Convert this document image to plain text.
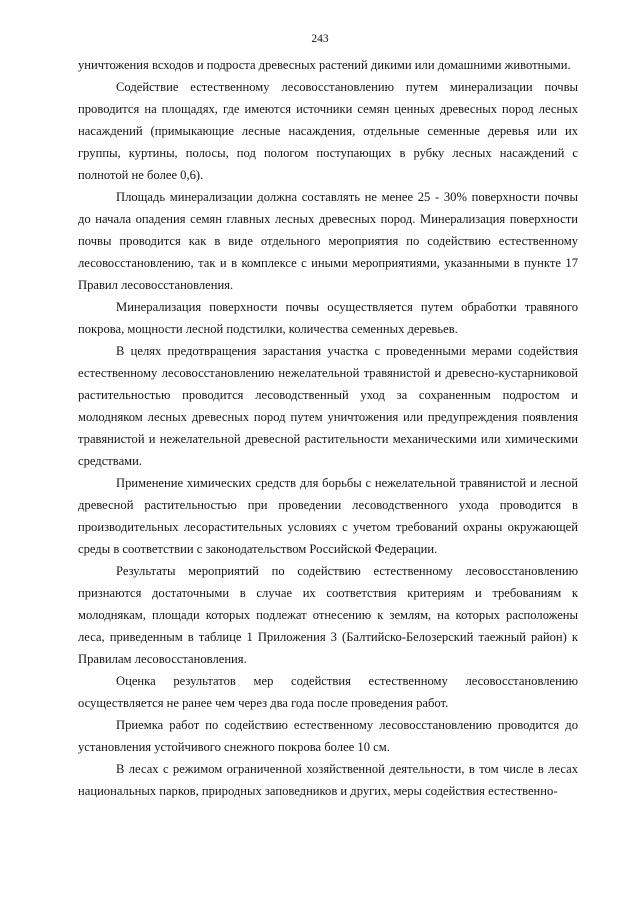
243

уничтожения всходов и подроста древесных растений дикими или домашними животными.

Содействие естественному лесовосстановлению путем минерализации почвы проводится на площадях, где имеются источники семян ценных древесных пород лесных насаждений (примыкающие лесные насаждения, отдельные семенные деревья или их группы, куртины, полосы, под пологом поступающих в рубку лесных насаждений с полнотой не более 0,6).

Площадь минерализации должна составлять не менее 25 - 30% поверхности почвы до начала опадения семян главных лесных древесных пород. Минерализация поверхности почвы проводится как в виде отдельного мероприятия по содействию естественному лесовосстановлению, так и в комплексе с иными мероприятиями, указанными в пункте 17 Правил лесовосстановления.

Минерализация поверхности почвы осуществляется путем обработки травяного покрова, мощности лесной подстилки, количества семенных деревьев.

В целях предотвращения зарастания участка с проведенными мерами содействия естественному лесовосстановлению нежелательной травянистой и древесно-кустарниковой растительностью проводится лесоводственный уход за сохраненным подростом и молодняком лесных древесных пород путем уничтожения или предупреждения появления травянистой и нежелательной древесной растительности механическими или химическими средствами.

Применение химических средств для борьбы с нежелательной травянистой и лесной древесной растительностью при проведении лесоводственного ухода проводится в производительных лесорастительных условиях с учетом требований охраны окружающей среды в соответствии с законодательством Российской Федерации.

Результаты мероприятий по содействию естественному лесовосстановлению признаются достаточными в случае их соответствия критериям и требованиям к молоднякам, площади которых подлежат отнесению к землям, на которых расположены леса, приведенным в таблице 1 Приложения 3 (Балтийско-Белозерский таежный район) к Правилам лесовосстановления.

Оценка результатов мер содействия естественному лесовосстановлению осуществляется не ранее чем через два года после проведения работ.

Приемка работ по содействию естественному лесовосстановлению проводится до установления устойчивого снежного покрова более 10 см.

В лесах с режимом ограниченной хозяйственной деятельности, в том числе в лесах национальных парков, природных заповедников и других, меры содействия естественно-
